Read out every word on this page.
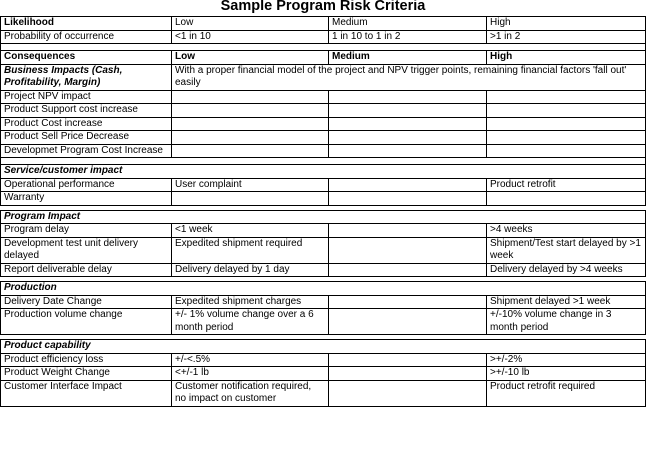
Sample Program Risk Criteria
Likelihood	Low	Medium	High
Probability of occurrence	<1 in 10	1 in 10 to 1 in 2	>1 in 2

Consequences	Low	Medium	High
Business Impacts (Cash, Profitability, Margin)	With a proper financial model of the project and NPV trigger points, remaining financial factors 'fall out' easily		
Project NPV impact			
Product Support cost increase			
Product Cost increase			
Product Sell Price Decrease			
Developmet Program Cost Increase			

Service/customer impact			
Operational performance	User complaint		Product retrofit
Warranty			

Program Impact			
Program delay	<1 week		>4 weeks
Development test unit delivery delayed	Expedited shipment required		Shipment/Test start delayed by >1 week
Report deliverable delay	Delivery delayed by 1 day		Delivery delayed by >4 weeks

Production			
Delivery Date Change	Expedited shipment charges		Shipment delayed >1 week
Production volume change	+/- 1% volume change over a 6 month period		+/-10% volume change in 3 month period

Product capability			
Product efficiency loss	+/-<.5%		>+/-2%
Product Weight Change	<+/-1 lb		>+/-10 lb
Customer Interface Impact	Customer notification required, no impact on customer		Product retrofit required
